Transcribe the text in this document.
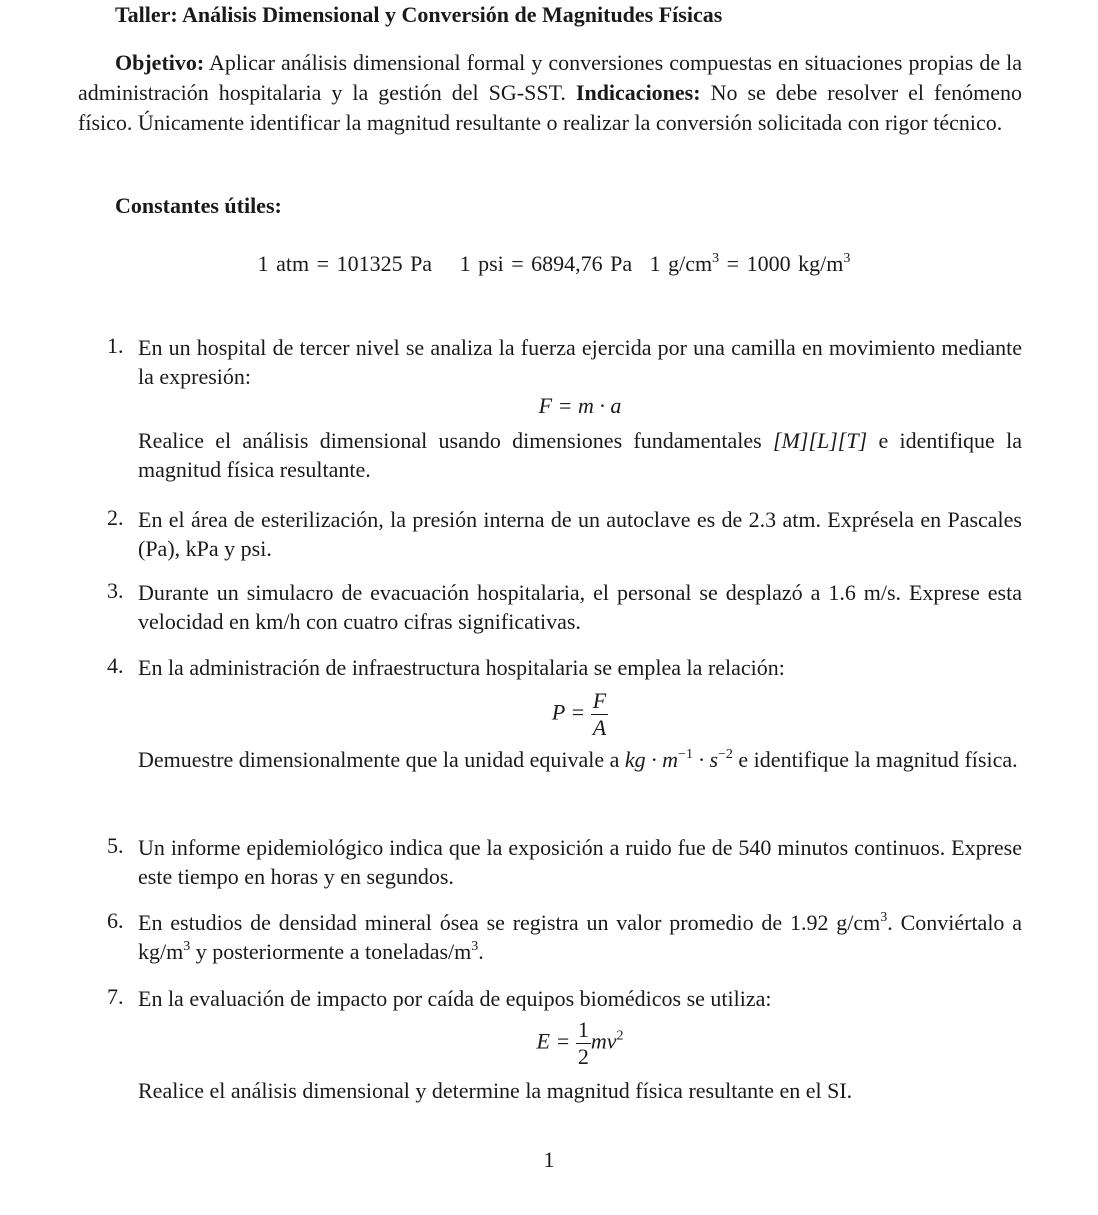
Taller: Análisis Dimensional y Conversión de Magnitudes Físicas
Objetivo: Aplicar análisis dimensional formal y conversiones compuestas en situaciones propias de la administración hospitalaria y la gestión del SG-SST. Indicaciones: No se debe resolver el fenómeno físico. Únicamente identificar la magnitud resultante o realizar la conversión solicitada con rigor técnico.
Constantes útiles:
1 atm = 101325 Pa 1 psi = 6894,76 Pa 1 $g/cm^3 = 1000$ $kg/m^3$
1. En un hospital de tercer nivel se analiza la fuerza ejercida por una camilla en movimiento mediante la expresión:
F = m · a
Realice el análisis dimensional usando dimensiones fundamentales [M][L][T] e identifique la magnitud física resultante.
2. En el área de esterilización, la presión interna de un autoclave es de 2.3 atm. Exprésela en Pascales (Pa), kPa y psi.
3. Durante un simulacro de evacuación hospitalaria, el personal se desplazó a 1.6 m/s. Exprese esta velocidad en km/h con cuatro cifras significativas.
4. En la administración de infraestructura hospitalaria se emplea la relación:
$P = \frac{F}{A}$
Demuestre dimensionalmente que la unidad equivale a kg · $m^{-1} \cdot s^{-2}$ e identifique la magnitud física.
5. Un informe epidemiológico indica que la exposición a ruido fue de 540 minutos continuos. Exprese este tiempo en horas y en segundos.
6. En estudios de densidad mineral ósea se registra un valor promedio de 1.92 $g/cm^3$. Conviértalo a $kg/m^3$ y posteriormente a toneladas/$m^3$.
7. En la evaluación de impacto por caída de equipos biomédicos se utiliza:
$E = \frac{1}{2} mv^2$
Realice el análisis dimensional y determine la magnitud física resultante en el SI.
1
